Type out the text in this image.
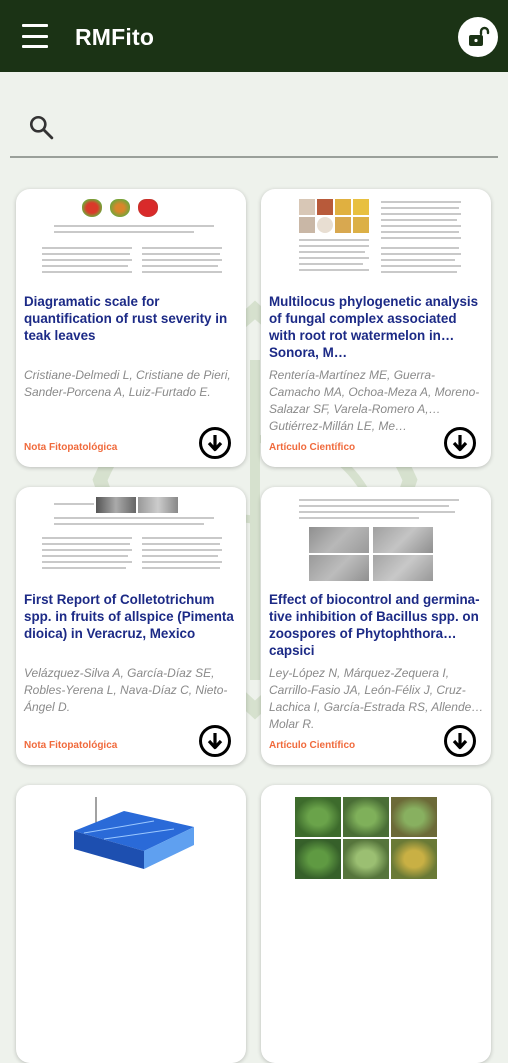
RMFito
Diagramatic scale for quantification of rust severity in teak leaves
Cristiane-Delmedi L, Cristiane de Pieri, Sander-Porcena A, Luiz-Furtado E.
Nota Fitopatológica
Multilocus phylogenetic analysis of fungal complex associated with root rot watermelon in Sonora, M…
Rentería-Martínez ME, Guerra-Camacho MA, Ochoa-Meza A, Moreno-Salazar SF, Varela-Romero A, Gutiérrez-Millán LE, Me…
Artículo Científico
First Report of Colletotrichum spp. in fruits of allspice (Pimenta dioica) in Veracruz, Mexico
Velázquez-Silva A, García-Díaz SE, Robles-Yerena L, Nava-Díaz C, Nieto-Ángel D.
Nota Fitopatológica
Effect of biocontrol and germina-tive inhibition of Bacillus spp. on zoospores of Phytophthora capsici
Ley-López N, Márquez-Zequera I, Carrillo-Fasio JA, León-Félix J, Cruz-Lachica I, García-Estrada RS, Allende-Molar R.
Artículo Científico
